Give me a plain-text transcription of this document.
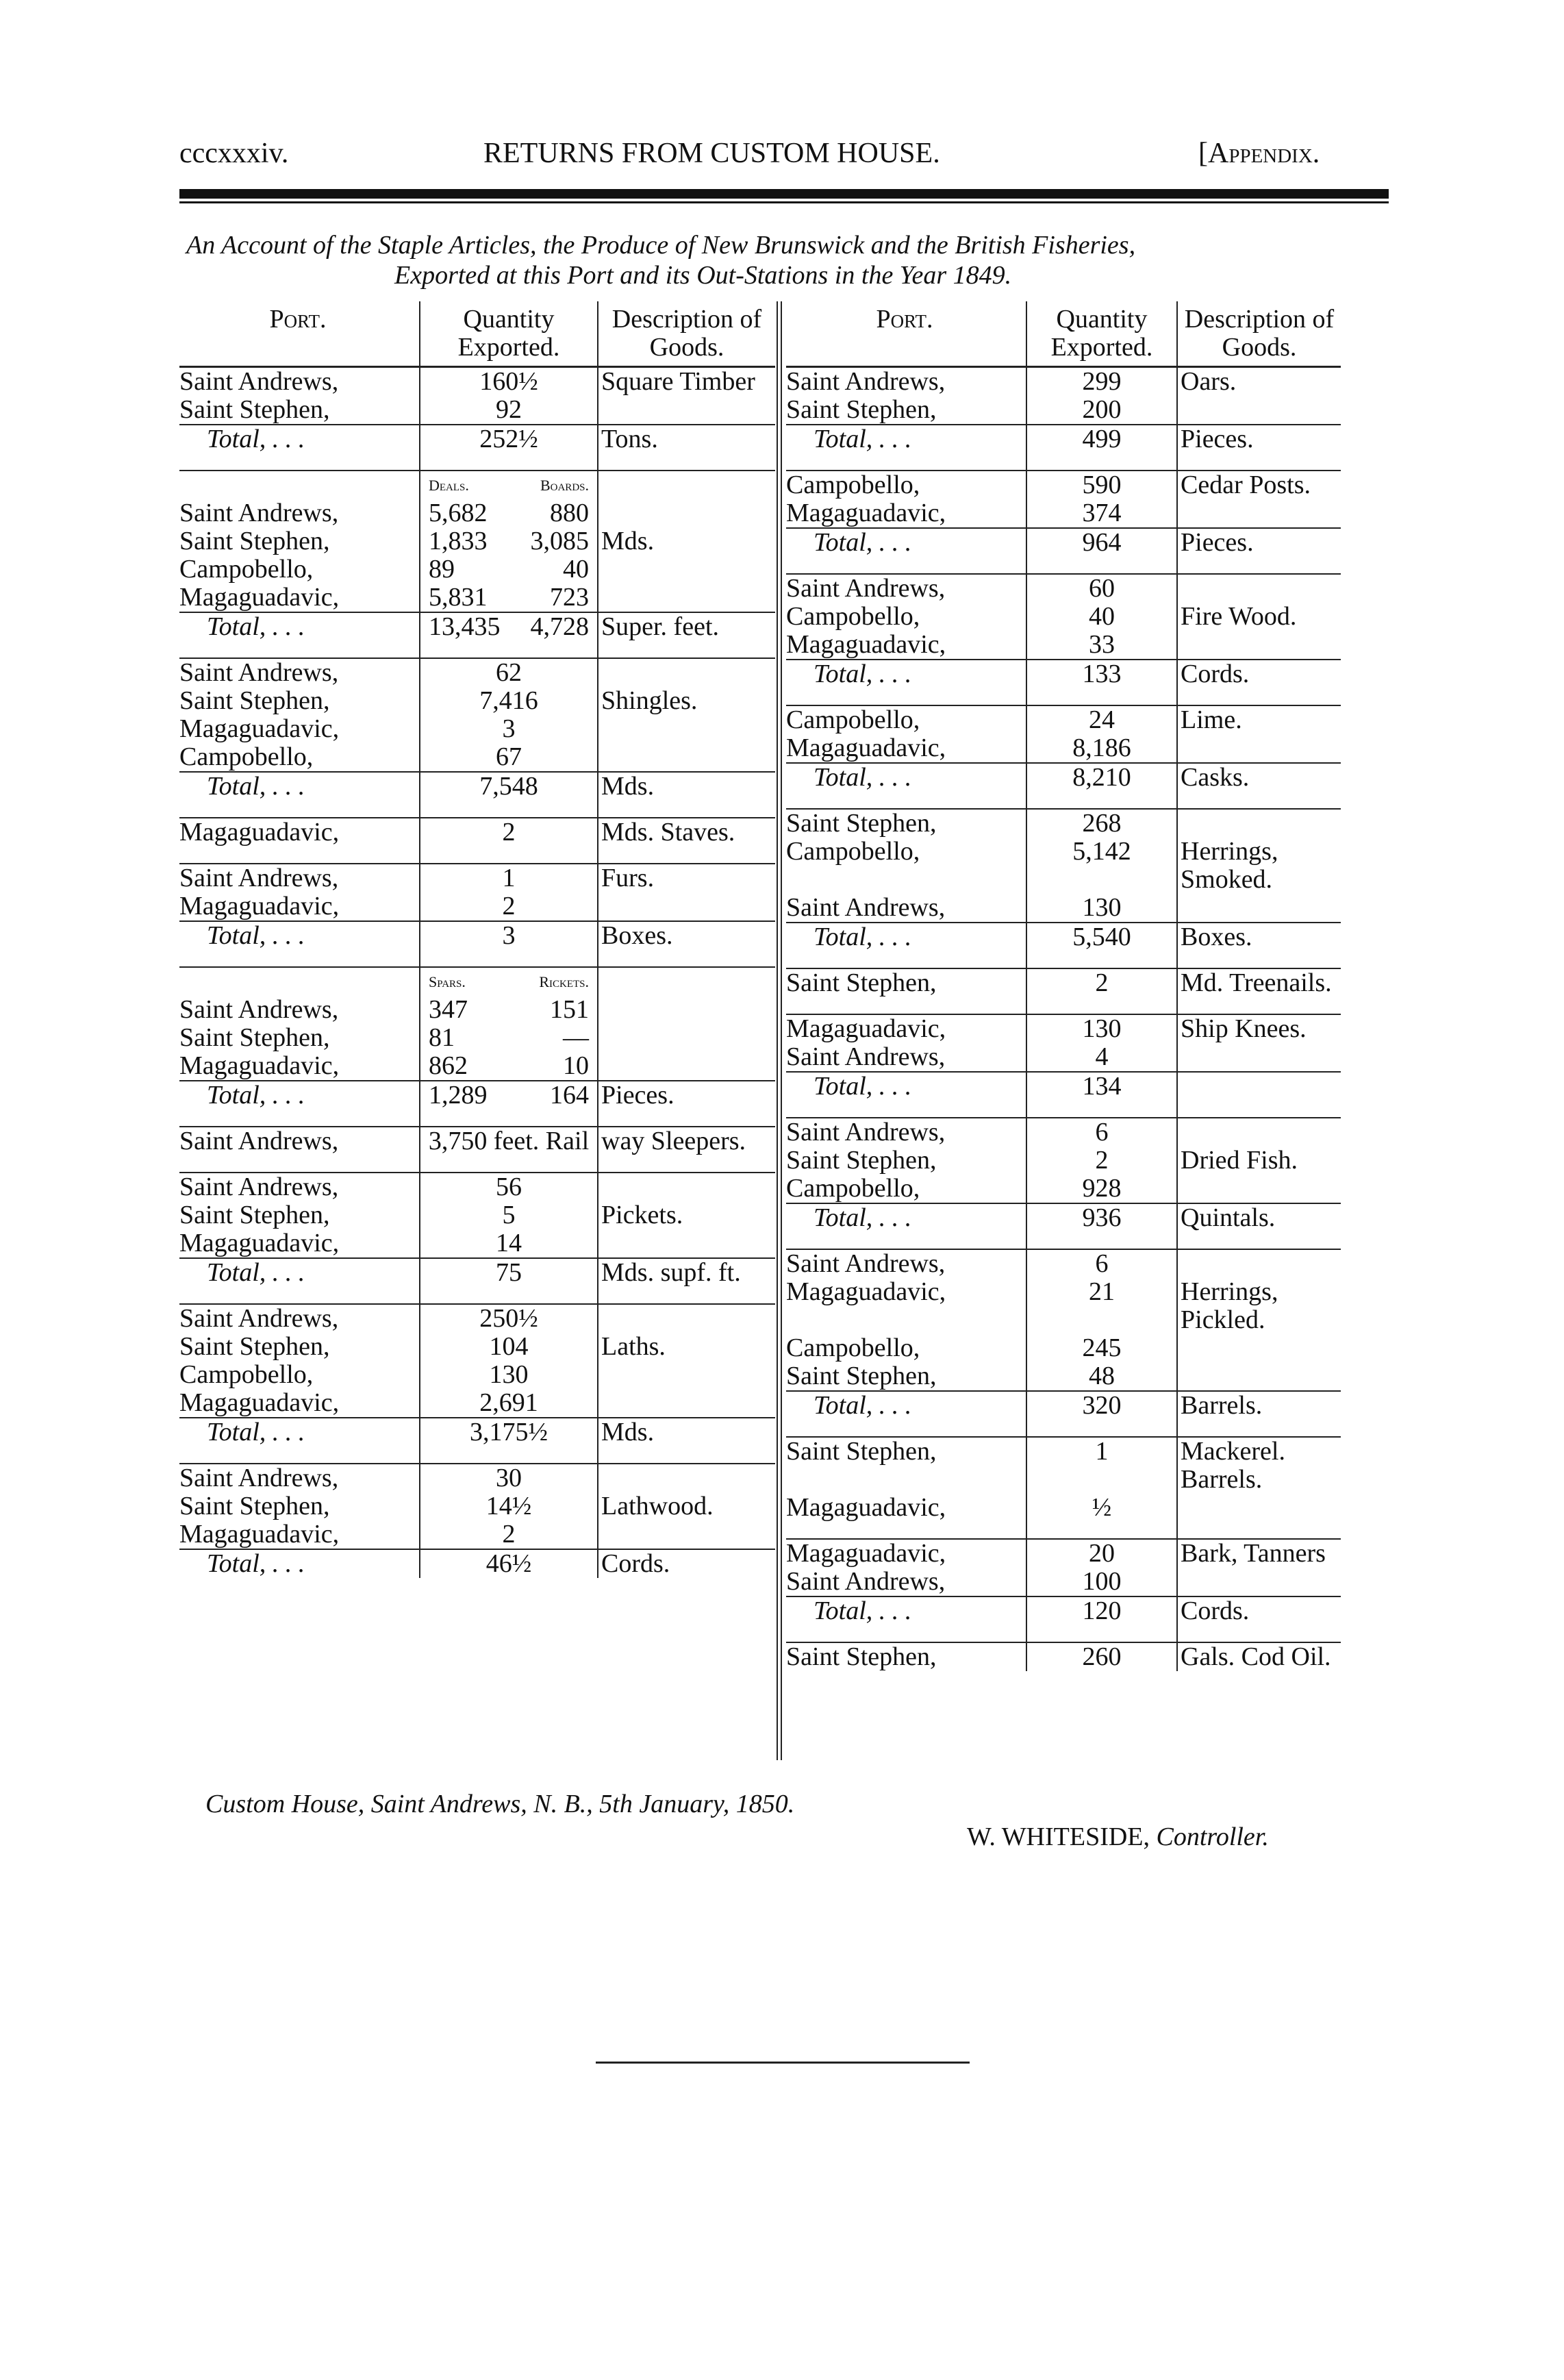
cccxxxiv.	RETURNS FROM CUSTOM HOUSE.	[Appendix.
An Account of the Staple Articles, the Produce of New Brunswick and the British Fisheries,
Exported at this Port and its Out-Stations in the Year 1849.
Port.	Quantity Exported.	Description of Goods.
Saint Andrews,	160½	Square Timber
Saint Stephen,	92	
Total, . . .	252½	Tons.

	Deals. Boards.	

Saint Andrews,	5,682 880	

Saint Stephen,	1,833 3,085	Mds.
Campobello,	89 40	

Magaguadavic,	5,831 723	

Total, . . .	13,435 4,728	Super. feet.

Saint Andrews,	62	
Saint Stephen,	7,416	Shingles.
Magaguadavic,	3	
Campobello,	67	
Total, . . .	7,548	Mds.

Magaguadavic,	2	Mds. Staves.

Saint Andrews,	1	Furs.
Magaguadavic,	2	
Total, . . .	3	Boxes.

	Spars. Rickets.	

Saint Andrews,	347 151	

Saint Stephen,	81 —	

Magaguadavic,	862 10	

Total, . . .	1,289 164	Pieces.

Saint Andrews,	3,750 feet. Rail	way Sleepers.

Saint Andrews,	56	
Saint Stephen,	5	Pickets.
Magaguadavic,	14	
Total, . . .	75	Mds. supf. ft.

Saint Andrews,	250½	
Saint Stephen,	104	Laths.
Campobello,	130	
Magaguadavic,	2,691	
Total, . . .	3,175½	Mds.

Saint Andrews,	30	
Saint Stephen,	14½	Lathwood.
Magaguadavic,	2	
Total, . . .	46½	Cords.
Port.	Quantity Exported.	Description of Goods.
Saint Andrews,	299	Oars.
Saint Stephen,	200	
Total, . . .	499	Pieces.

Campobello,	590	Cedar Posts.
Magaguadavic,	374	
Total, . . .	964	Pieces.

Saint Andrews,	60	
Campobello,	40	Fire Wood.
Magaguadavic,	33	
Total, . . .	133	Cords.

Campobello,	24	Lime.
Magaguadavic,	8,186	
Total, . . .	8,210	Casks.

Saint Stephen,	268	
Campobello,	5,142	Herrings, Smoked.
Saint Andrews,	130	
Total, . . .	5,540	Boxes.

Saint Stephen,	2	Md. Treenails.

Magaguadavic,	130	Ship Knees.
Saint Andrews,	4	
Total, . . .	134	

Saint Andrews,	6	
Saint Stephen,	2	Dried Fish.
Campobello,	928	
Total, . . .	936	Quintals.

Saint Andrews,	6	
Magaguadavic,	21	Herrings, Pickled.
Campobello,	245	
Saint Stephen,	48	
Total, . . .	320	Barrels.

Saint Stephen,	1	Mackerel. Barrels.
Magaguadavic,	½	

Magaguadavic,	20	Bark, Tanners
Saint Andrews,	100	
Total, . . .	120	Cords.

Saint Stephen,	260	Gals. Cod Oil.
Custom House, Saint Andrews, N. B., 5th January, 1850.
W. WHITESIDE, Controller.
